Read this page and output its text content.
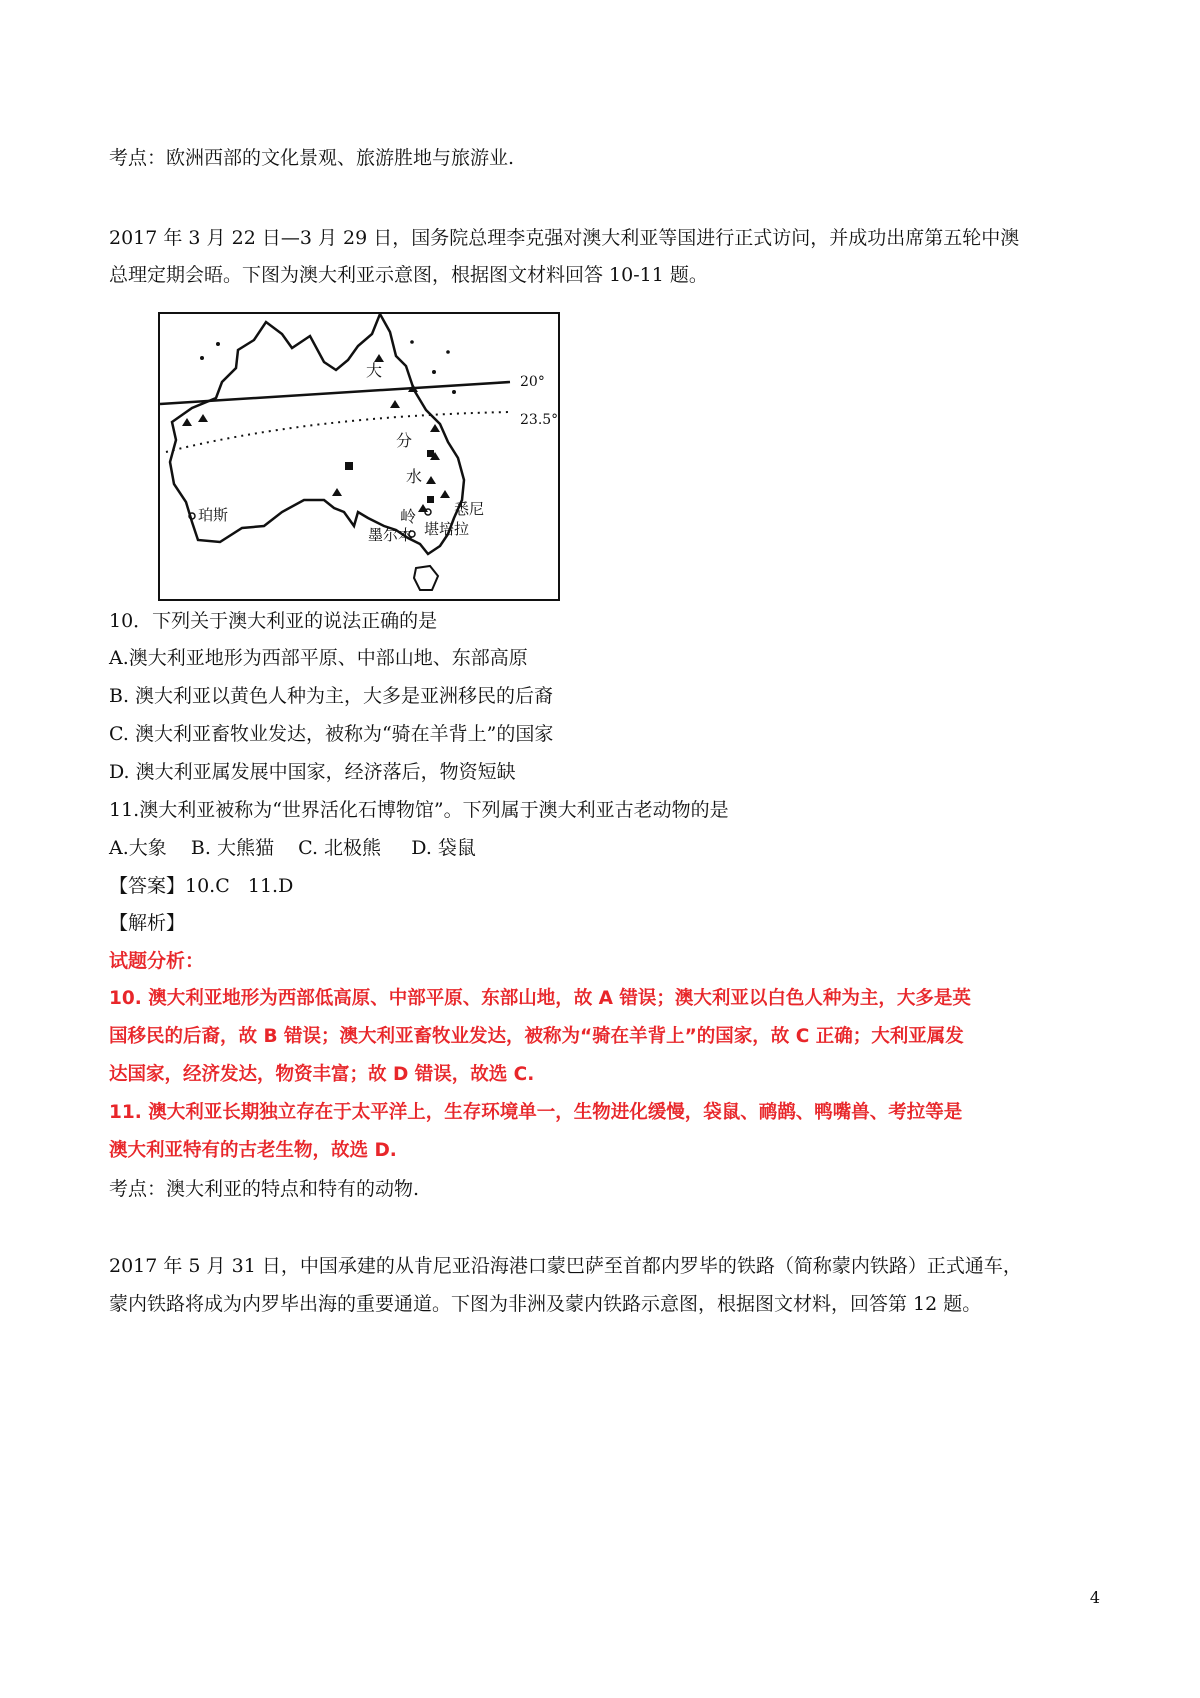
考点：欧洲西部的文化景观、旅游胜地与旅游业.
2017 年 3 月 22 日—3 月 29 日，国务院总理李克强对澳大利亚等国进行正式访问，并成功出席第五轮中澳
总理定期会晤。下图为澳大利亚示意图，根据图文材料回答 10-11 题。
20°
23.5°
大
分
水
岭
珀斯	悉尼
堪培拉
墨尔本
10．下列关于澳大利亚的说法正确的是
A.澳大利亚地形为西部平原、中部山地、东部高原
B. 澳大利亚以黄色人种为主，大多是亚洲移民的后裔
C. 澳大利亚畜牧业发达，被称为“骑在羊背上”的国家
D. 澳大利亚属发展中国家，经济落后，物资短缺
11.澳大利亚被称为“世界活化石博物馆”。下列属于澳大利亚古老动物的是
A.大象    B. 大熊猫    C. 北极熊     D. 袋鼠
【答案】10.C   11.D
【解析】
试题分析：
10. 澳大利亚地形为西部低高原、中部平原、东部山地，故 A 错误；澳大利亚以白色人种为主，大多是英
国移民的后裔，故 B 错误；澳大利亚畜牧业发达，被称为“骑在羊背上”的国家，故 C 正确；大利亚属发
达国家，经济发达，物资丰富；故 D 错误，故选 C.
11. 澳大利亚长期独立存在于太平洋上，生存环境单一，生物进化缓慢，袋鼠、鸸鹋、鸭嘴兽、考拉等是
澳大利亚特有的古老生物，故选 D.
考点：澳大利亚的特点和特有的动物.
2017 年 5 月 31 日，中国承建的从肯尼亚沿海港口蒙巴萨至首都内罗毕的铁路（简称蒙内铁路）正式通车，
蒙内铁路将成为内罗毕出海的重要通道。下图为非洲及蒙内铁路示意图，根据图文材料，回答第 12 题。
4
